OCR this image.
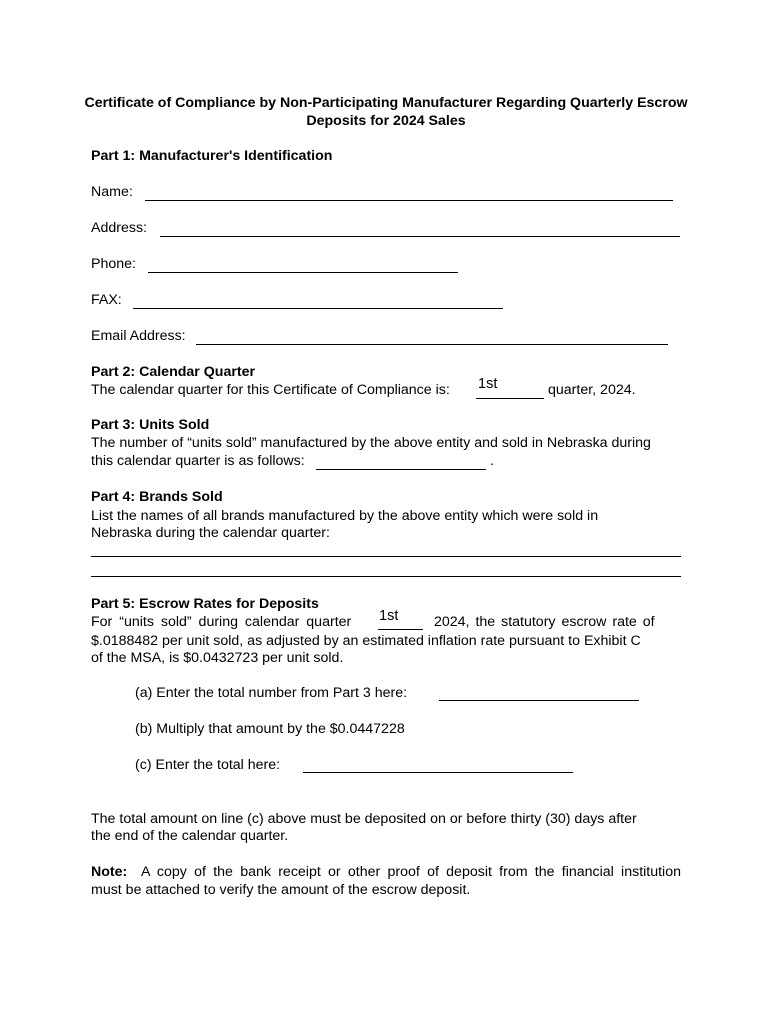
Certificate of Compliance by Non-Participating Manufacturer Regarding Quarterly Escrow Deposits for 2024 Sales
Part 1: Manufacturer's Identification
Name:
Address:
Phone:
FAX:
Email Address:
Part 2: Calendar Quarter
The calendar quarter for this Certificate of Compliance is: 1st	quarter, 2024.
Part 3: Units Sold
The number of “units sold” manufactured by the above entity and sold in Nebraska during
this calendar quarter is as follows:	.
Part 4: Brands Sold
List the names of all brands manufactured by the above entity which were sold in
Nebraska during the calendar quarter:
Part 5: Escrow Rates for Deposits
For “units sold” during calendar quarter 1st	2024, the statutory escrow rate of
$.0188482 per unit sold, as adjusted by an estimated inflation rate pursuant to Exhibit C
of the MSA, is $0.0432723 per unit sold.
(a) Enter the total number from Part 3 here:
(b) Multiply that amount by the $0.0447228
(c) Enter the total here:
The total amount on line (c) above must be deposited on or before thirty (30) days after
the end of the calendar quarter.
Note: A copy of the bank receipt or other proof of deposit from the financial institution
must be attached to verify the amount of the escrow deposit.
